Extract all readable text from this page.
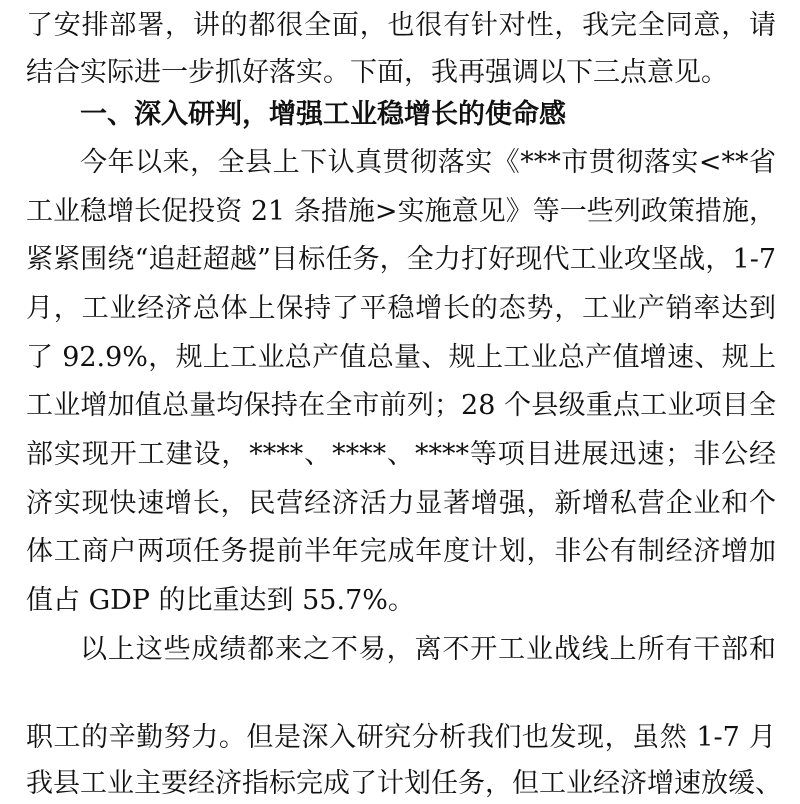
了安排部署，讲的都很全面，也很有针对性，我完全同意，请
结合实际进一步抓好落实。下面，我再强调以下三点意见。
一、深入研判，增强工业稳增长的使命感
今年以来，全县上下认真贯彻落实《***市贯彻落实<**省
工业稳增长促投资 21 条措施>实施意见》等一些列政策措施，
紧紧围绕“追赶超越”目标任务，全力打好现代工业攻坚战，1-7
月，工业经济总体上保持了平稳增长的态势，工业产销率达到
了 92.9%，规上工业总产值总量、规上工业总产值增速、规上
工业增加值总量均保持在全市前列；28 个县级重点工业项目全
部实现开工建设，****、****、****等项目进展迅速；非公经
济实现快速增长，民营经济活力显著增强，新增私营企业和个
体工商户两项任务提前半年完成年度计划，非公有制经济增加
值占 GDP 的比重达到 55.7%。
以上这些成绩都来之不易，离不开工业战线上所有干部和
职工的辛勤努力。但是深入研究分析我们也发现，虽然 1-7 月
我县工业主要经济指标完成了计划任务，但工业经济增速放缓、
